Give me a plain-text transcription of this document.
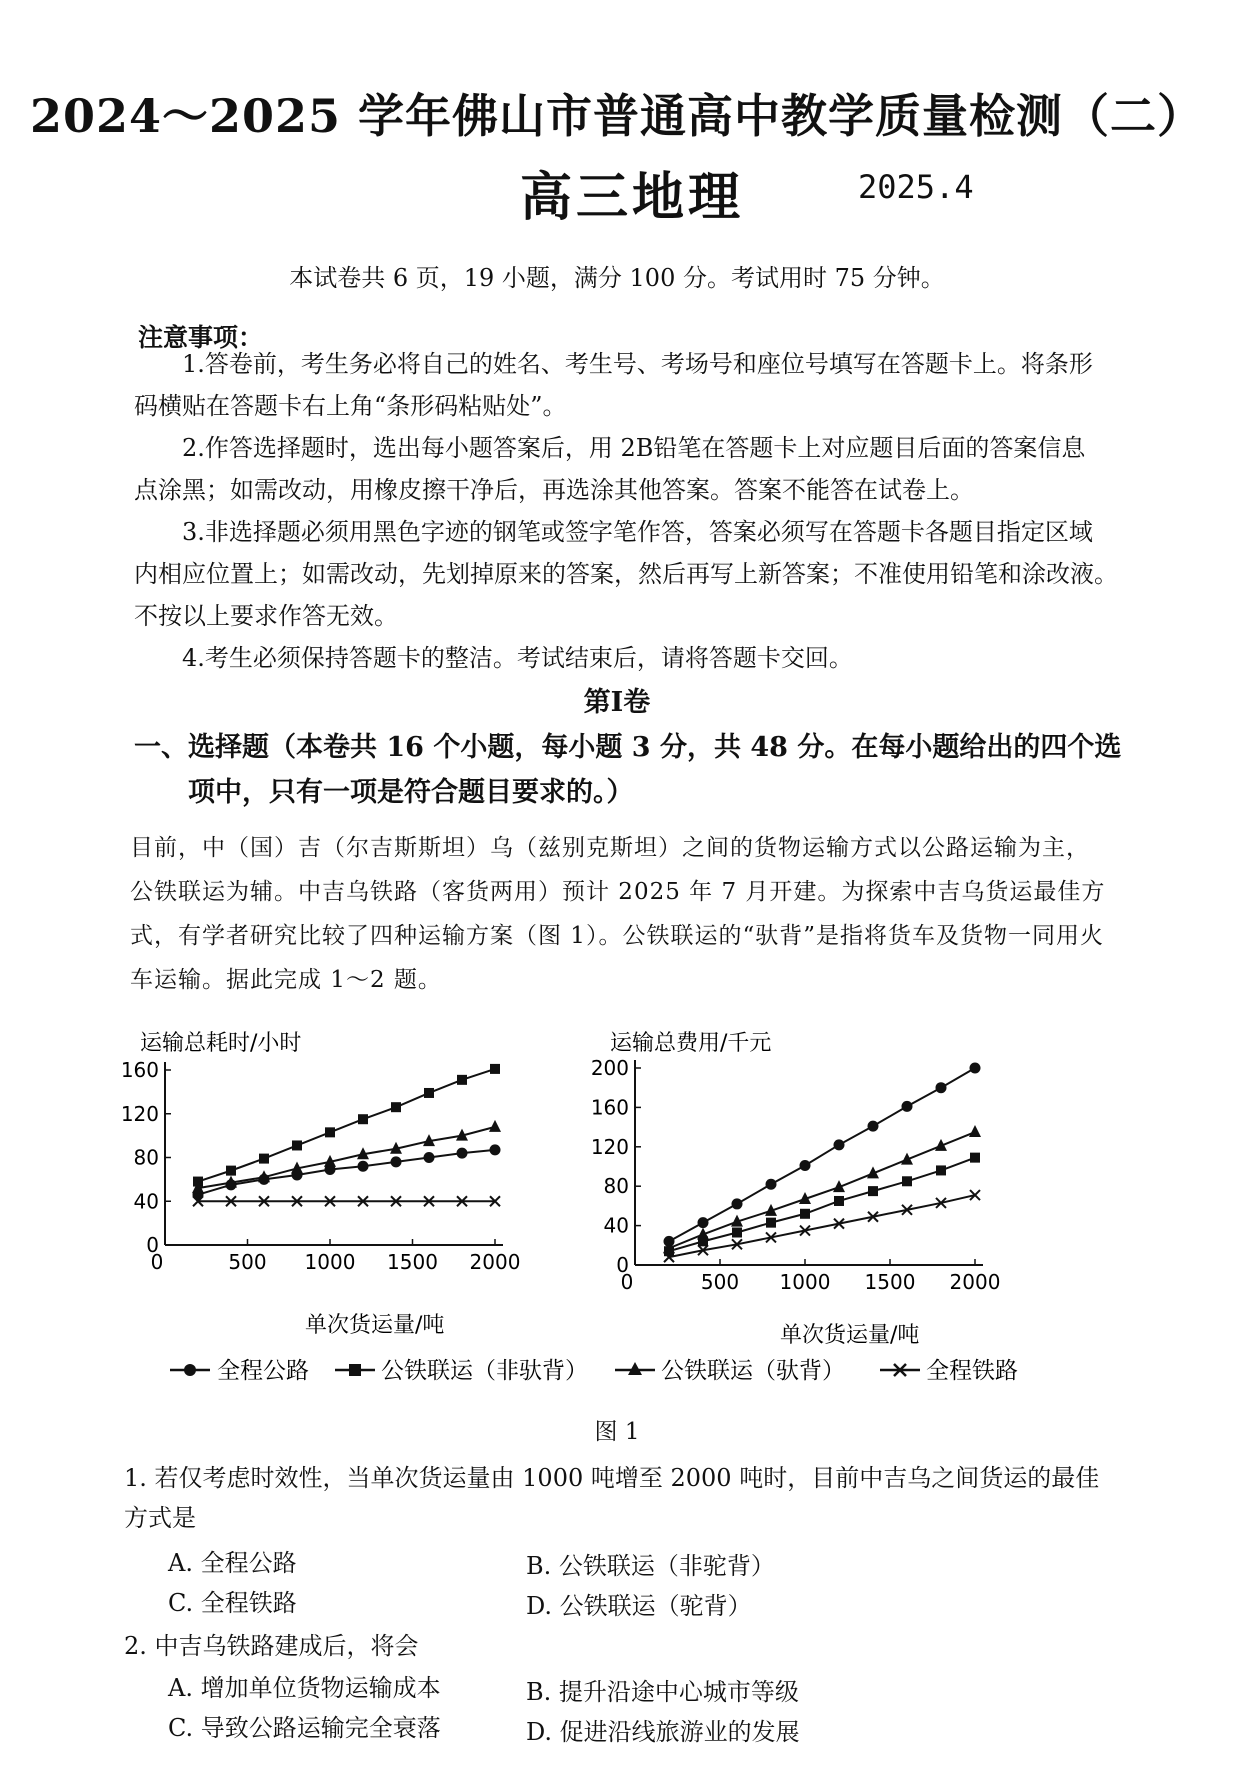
2024～2025 学年佛山市普通高中教学质量检测（二）
高三地理	2025.4
本试卷共 6 页，19 小题，满分 100 分。考试用时 75 分钟。
注意事项：
1.答卷前，考生务必将自己的姓名、考生号、考场号和座位号填写在答题卡上。将条形
码横贴在答题卡右上角“条形码粘贴处”。
2.作答选择题时，选出每小题答案后，用 2B铅笔在答题卡上对应题目后面的答案信息
点涂黑；如需改动，用橡皮擦干净后，再选涂其他答案。答案不能答在试卷上。
3.非选择题必须用黑色字迹的钢笔或签字笔作答，答案必须写在答题卡各题目指定区域
内相应位置上；如需改动，先划掉原来的答案，然后再写上新答案；不准使用铅笔和涂改液。
不按以上要求作答无效。
4.考生必须保持答题卡的整洁。考试结束后，请将答题卡交回。
第Ⅰ卷
一、选择题（本卷共 16 个小题，每小题 3 分，共 48 分。在每小题给出的四个选
项中，只有一项是符合题目要求的。）
目前，中（国）吉（尔吉斯斯坦）乌（兹别克斯坦）之间的货物运输方式以公路运输为主，公铁联运为辅。中吉乌铁路（客货两用）预计 2025 年 7 月开建。为探索中吉乌货运最佳方式，有学者研究比较了四种运输方案（图 1）。公铁联运的“驮背”是指将货车及货物一同用火车运输。据此完成 1～2 题。
运输总耗时/小时
0
40
80
120
160
0	500 1000 1500 2000
单次货运量/吨
运输总费用/千元
0
40
80
120
160
200
0	500 1000 1500 2000
单次货运量/吨
全程公路	公铁联运（非驮背）	公铁联运（驮背）	全程铁路
图 1
1. 若仅考虑时效性，当单次货运量由 1000 吨增至 2000 吨时，目前中吉乌之间货运的最佳
方式是
A. 全程公路	B. 公铁联运（非驼背）
C. 全程铁路	D. 公铁联运（驼背）
2. 中吉乌铁路建成后，将会
A. 增加单位货物运输成本	B. 提升沿途中心城市等级
C. 导致公路运输完全衰落	D. 促进沿线旅游业的发展
